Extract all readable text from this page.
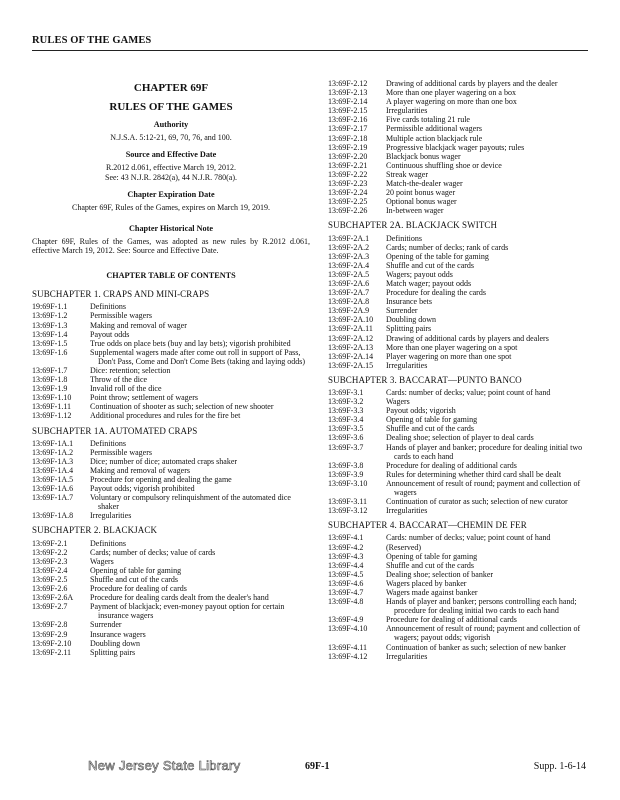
RULES OF THE GAMES
CHAPTER 69F
RULES OF THE GAMES
Authority
N.J.S.A. 5:12-21, 69, 70, 76, and 100.
Source and Effective Date
R.2012 d.061, effective March 19, 2012.
See: 43 N.J.R. 2842(a), 44 N.J.R. 780(a).
Chapter Expiration Date
Chapter 69F, Rules of the Games, expires on March 19, 2019.
Chapter Historical Note
Chapter 69F, Rules of the Games, was adopted as new rules by R.2012 d.061, effective March 19, 2012. See: Source and Effective Date.
CHAPTER TABLE OF CONTENTS
SUBCHAPTER 1. CRAPS AND MINI-CRAPS
19:69F-1.1	Definitions
13:69F-1.2	Permissible wagers
13:69F-1.3	Making and removal of wager
13:69F-1.4	Payout odds
13:69F-1.5	True odds on place bets (buy and lay bets); vigorish prohibited
13:69F-1.6	Supplemental wagers made after come out roll in support of Pass, Don't Pass, Come and Don't Come Bets (taking and laying odds)
13:69F-1.7	Dice: retention; selection
13:69F-1.8	Throw of the dice
13:69F-1.9	Invalid roll of the dice
13:69F-1.10	Point throw; settlement of wagers
13:69F-1.11	Continuation of shooter as such; selection of new shooter
13:69F-1.12	Additional procedures and rules for the fire bet
SUBCHAPTER 1A. AUTOMATED CRAPS
13:69F-1A.1	Definitions
13:69F-1A.2	Permissible wagers
13:69F-1A.3	Dice; number of dice; automated craps shaker
13:69F-1A.4	Making and removal of wagers
13:69F-1A.5	Procedure for opening and dealing the game
13:69F-1A.6	Payout odds; vigorish prohibited
13:69F-1A.7	Voluntary or compulsory relinquishment of the automated dice shaker
13:69F-1A.8	Irregularities
SUBCHAPTER 2. BLACKJACK
13:69F-2.1	Definitions
13:69F-2.2	Cards; number of decks; value of cards
13:69F-2.3	Wagers
13:69F-2.4	Opening of table for gaming
13:69F-2.5	Shuffle and cut of the cards
13:69F-2.6	Procedure for dealing of cards
13:69F-2.6A	Procedure for dealing cards dealt from the dealer's hand
13:69F-2.7	Payment of blackjack; even-money payout option for certain insurance wagers
13:69F-2.8	Surrender
13:69F-2.9	Insurance wagers
13:69F-2.10	Doubling down
13:69F-2.11	Splitting pairs
13:69F-2.12	Drawing of additional cards by players and the dealer
13:69F-2.13	More than one player wagering on a box
13:69F-2.14	A player wagering on more than one box
13:69F-2.15	Irregularities
13:69F-2.16	Five cards totaling 21 rule
13:69F-2.17	Permissible additional wagers
13:69F-2.18	Multiple action blackjack rule
13:69F-2.19	Progressive blackjack wager payouts; rules
13:69F-2.20	Blackjack bonus wager
13:69F-2.21	Continuous shuffling shoe or device
13:69F-2.22	Streak wager
13:69F-2.23	Match-the-dealer wager
13:69F-2.24	20 point bonus wager
13:69F-2.25	Optional bonus wager
13:69F-2.26	In-between wager
SUBCHAPTER 2A. BLACKJACK SWITCH
13:69F-2A.1	Definitions
13:69F-2A.2	Cards; number of decks; rank of cards
13:69F-2A.3	Opening of the table for gaming
13:69F-2A.4	Shuffle and cut of the cards
13:69F-2A.5	Wagers; payout odds
13:69F-2A.6	Match wager; payout odds
13:69F-2A.7	Procedure for dealing the cards
13:69F-2A.8	Insurance bets
13:69F-2A.9	Surrender
13:69F-2A.10	Doubling down
13:69F-2A.11	Splitting pairs
13:69F-2A.12	Drawing of additional cards by players and dealers
13:69F-2A.13	More than one player wagering on a spot
13:69F-2A.14	Player wagering on more than one spot
13:69F-2A.15	Irregularities
SUBCHAPTER 3. BACCARAT—PUNTO BANCO
13:69F-3.1	Cards: number of decks; value; point count of hand
13:69F-3.2	Wagers
13:69F-3.3	Payout odds; vigorish
13:69F-3.4	Opening of table for gaming
13:69F-3.5	Shuffle and cut of the cards
13:69F-3.6	Dealing shoe; selection of player to deal cards
13:69F-3.7	Hands of player and banker; procedure for dealing initial two cards to each hand
13:69F-3.8	Procedure for dealing of additional cards
13:69F-3.9	Rules for determining whether third card shall be dealt
13:69F-3.10	Announcement of result of round; payment and collection of wagers
13:69F-3.11	Continuation of curator as such; selection of new curator
13:69F-3.12	Irregularities
SUBCHAPTER 4. BACCARAT—CHEMIN DE FER
13:69F-4.1	Cards: number of decks; value; point count of hand
13:69F-4.2	(Reserved)
13:69F-4.3	Opening of table for gaming
13:69F-4.4	Shuffle and cut of the cards
13:69F-4.5	Dealing shoe; selection of banker
13:69F-4.6	Wagers placed by banker
13:69F-4.7	Wagers made against banker
13:69F-4.8	Hands of player and banker; persons controlling each hand; procedure for dealing initial two cards to each hand
13:69F-4.9	Procedure for dealing of additional cards
13:69F-4.10	Announcement of result of round; payment and collection of wagers; payout odds; vigorish
13:69F-4.11	Continuation of banker as such; selection of new banker
13:69F-4.12	Irregularities
New Jersey State Library	69F-1	Supp. 1-6-14
